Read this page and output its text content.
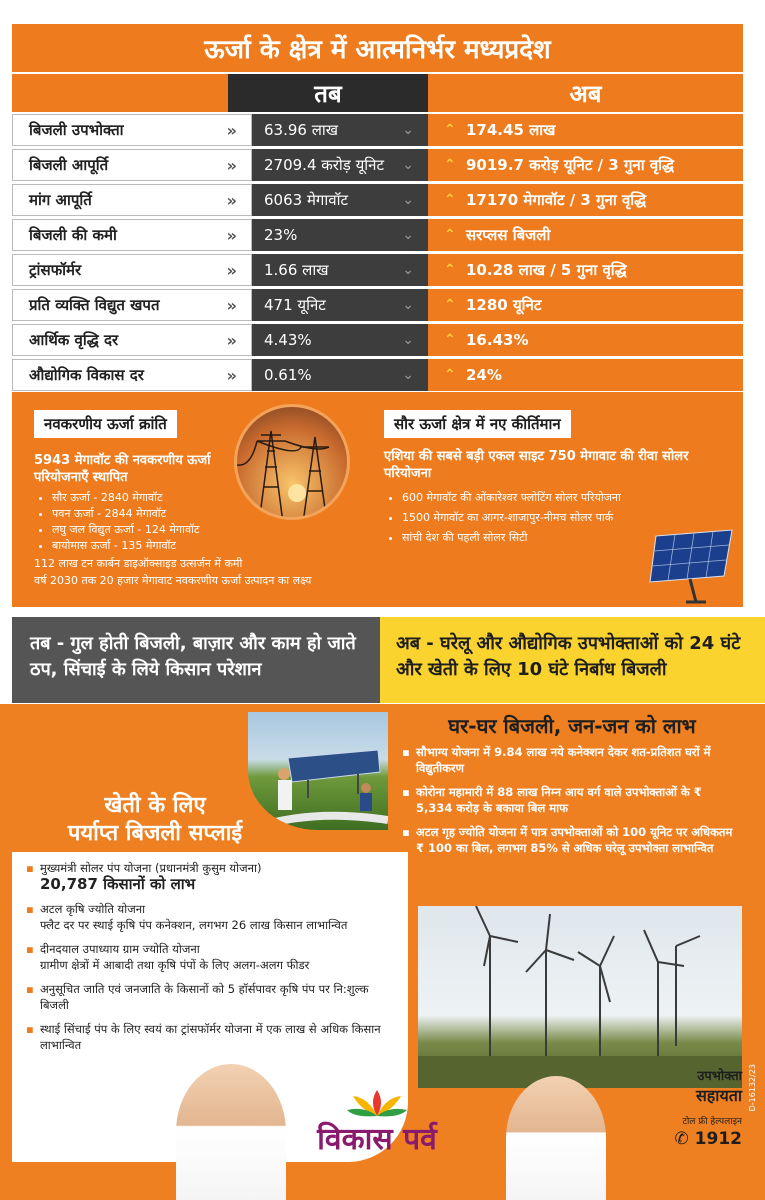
ऊर्जा के क्षेत्र में आत्मनिर्भर मध्यप्रदेश
तब	अब
बिजली उपभोक्ता	» 63.96 लाख	⌄ ⌃ 174.45 लाख
बिजली आपूर्ति	» 2709.4 करोड़ यूनिट ⌄ ⌃ 9019.7 करोड़ यूनिट / 3 गुना वृद्धि
मांग आपूर्ति	» 6063 मेगावॉट	⌄ ⌃ 17170 मेगावॉट / 3 गुना वृद्धि
बिजली की कमी	» 23%	⌄ ⌃ सरप्लस बिजली
ट्रांसफॉर्मर	» 1.66 लाख	⌄ ⌃ 10.28 लाख / 5 गुना वृद्धि
प्रति व्यक्ति विद्युत खपत	» 471 यूनिट	⌄ ⌃ 1280 यूनिट
आर्थिक वृद्धि दर	» 4.43%	⌄ ⌃ 16.43%
औद्योगिक विकास दर	» 0.61%	⌄ ⌃ 24%
नवकरणीय ऊर्जा क्रांति
5943 मेगावॉट की नवकरणीय ऊर्जा परियोजनाएँ स्थापित
• सौर ऊर्जा - 2840 मेगावॉट
• पवन ऊर्जा - 2844 मेगावॉट
• लघु जल विद्युत ऊर्जा - 124 मेगावॉट
• बायोमास ऊर्जा - 135 मेगावॉट
112 लाख टन कार्बन डाइऑक्साइड उत्सर्जन में कमी
वर्ष 2030 तक 20 हजार मेगावाट नवकरणीय ऊर्जा उत्पादन का लक्ष्य
सौर ऊर्जा क्षेत्र में नए कीर्तिमान
एशिया की सबसे बड़ी एकल साइट 750 मेगावाट की रीवा सोलर परियोजना
• 600 मेगावॉट की ओंकारेश्वर फ्लोटिंग सोलर परियोजना
• 1500 मेगावॉट का आगर-शाजापुर-नीमच सोलर पार्क
• सांची देश की पहली सोलर सिटी
तब - गुल होती बिजली, बाज़ार और काम हो जाते ठप, सिंचाई के लिये किसान परेशान
अब - घरेलू और औद्योगिक उपभोक्ताओं को 24 घंटे और खेती के लिए 10 घंटे निर्बाध बिजली
खेती के लिए
पर्याप्त बिजली सप्लाई
▪ मुख्यमंत्री सोलर पंप योजना (प्रधानमंत्री कुसुम योजना)
20,787 किसानों को लाभ
▪ अटल कृषि ज्योति योजना
फ्लैट दर पर स्थाई कृषि पंप कनेक्शन, लगभग 26 लाख किसान लाभान्वित
▪ दीनदयाल उपाध्याय ग्राम ज्योति योजना
ग्रामीण क्षेत्रों में आबादी तथा कृषि पंपों के लिए अलग-अलग फीडर
▪ अनुसूचित जाति एवं जनजाति के किसानों को 5 हॉर्सपावर कृषि पंप पर नि:शुल्क बिजली
▪ स्थाई सिंचाई पंप के लिए स्वयं का ट्रांसफॉर्मर योजना में एक लाख से अधिक किसान लाभान्वित
घर-घर बिजली, जन-जन को लाभ
▪ सौभाग्य योजना में 9.84 लाख नये कनेक्शन देकर शत-प्रतिशत घरों में विद्युतीकरण
▪ कोरोना महामारी में 88 लाख निम्न आय वर्ग वाले उपभोक्ताओं के ₹ 5,334 करोड़ के बकाया बिल माफ
▪ अटल गृह ज्योति योजना में पात्र उपभोक्ताओं को 100 यूनिट पर अधिकतम ₹ 100 का बिल, लगभग 85% से अधिक घरेलू उपभोक्ता लाभान्वित
हमारा गर्व
विकास पर्व
उपभोक्ता
सहायता
टोल फ्री हेल्पलाइन
✆ 1912
D-16132/23
